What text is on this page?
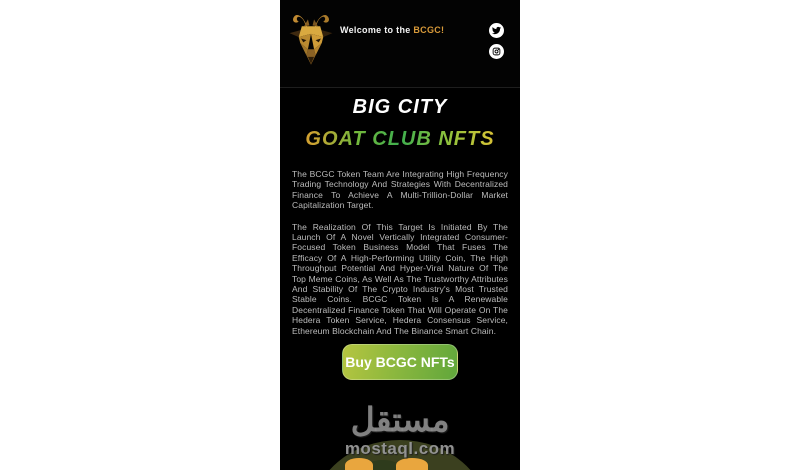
Welcome to the BCGC!
BIG CITY
GOAT CLUB NFTS

The BCGC Token Team Are Integrating High Frequency Trading Technology And Strategies With Decentralized Finance To Achieve A Multi-Trillion-Dollar Market Capitalization Target.

The Realization Of This Target Is Initiated By The Launch Of A Novel Vertically Integrated Consumer-Focused Token Business Model That Fuses The Efficacy Of A High-Performing Utility Coin, The High Throughput Potential And Hyper-Viral Nature Of The Top Meme Coins, As Well As The Trustworthy Attributes And Stability Of The Crypto Industry's Most Trusted Stable Coins. BCGC Token Is A Renewable Decentralized Finance Token That Will Operate On The Hedera Token Service, Hedera Consensus Service, Ethereum Blockchain And The Binance Smart Chain.

Buy BCGC NFTs
مستقل
mostaql.com
